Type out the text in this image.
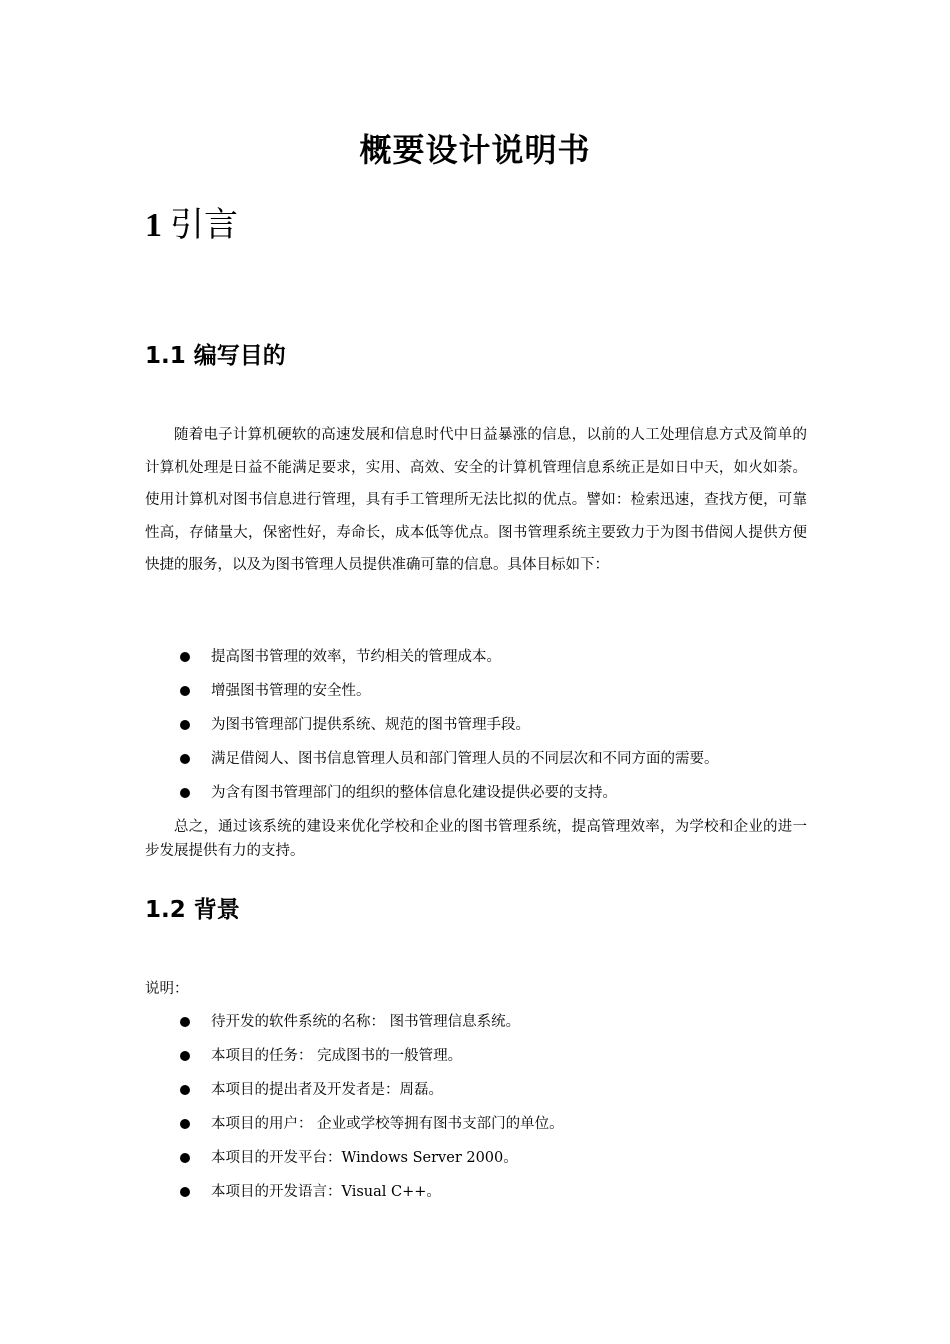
概要设计说明书
1 引言
1.1 编写目的

随着电子计算机硬软的高速发展和信息时代中日益暴涨的信息，以前的人工处理信息方式及简单的计算机处理是日益不能满足要求，实用、高效、安全的计算机管理信息系统正是如日中天，如火如荼。使用计算机对图书信息进行管理，具有手工管理所无法比拟的优点。譬如：检索迅速，查找方便，可靠性高，存储量大，保密性好，寿命长，成本低等优点。图书管理系统主要致力于为图书借阅人提供方便快捷的服务，以及为图书管理人员提供准确可靠的信息。具体目标如下：

提高图书管理的效率，节约相关的管理成本。
增强图书管理的安全性。
为图书管理部门提供系统、规范的图书管理手段。
满足借阅人、图书信息管理人员和部门管理人员的不同层次和不同方面的需要。
为含有图书管理部门的组织的整体信息化建设提供必要的支持。

总之，通过该系统的建设来优化学校和企业的图书管理系统，提高管理效率，为学校和企业的进一步发展提供有力的支持。

1.2 背景

说明：

待开发的软件系统的名称： 图书管理信息系统。
本项目的任务： 完成图书的一般管理。
本项目的提出者及开发者是：周磊。
本项目的用户： 企业或学校等拥有图书支部门的单位。
本项目的开发平台：Windows Server 2000。
本项目的开发语言：Visual C++。
